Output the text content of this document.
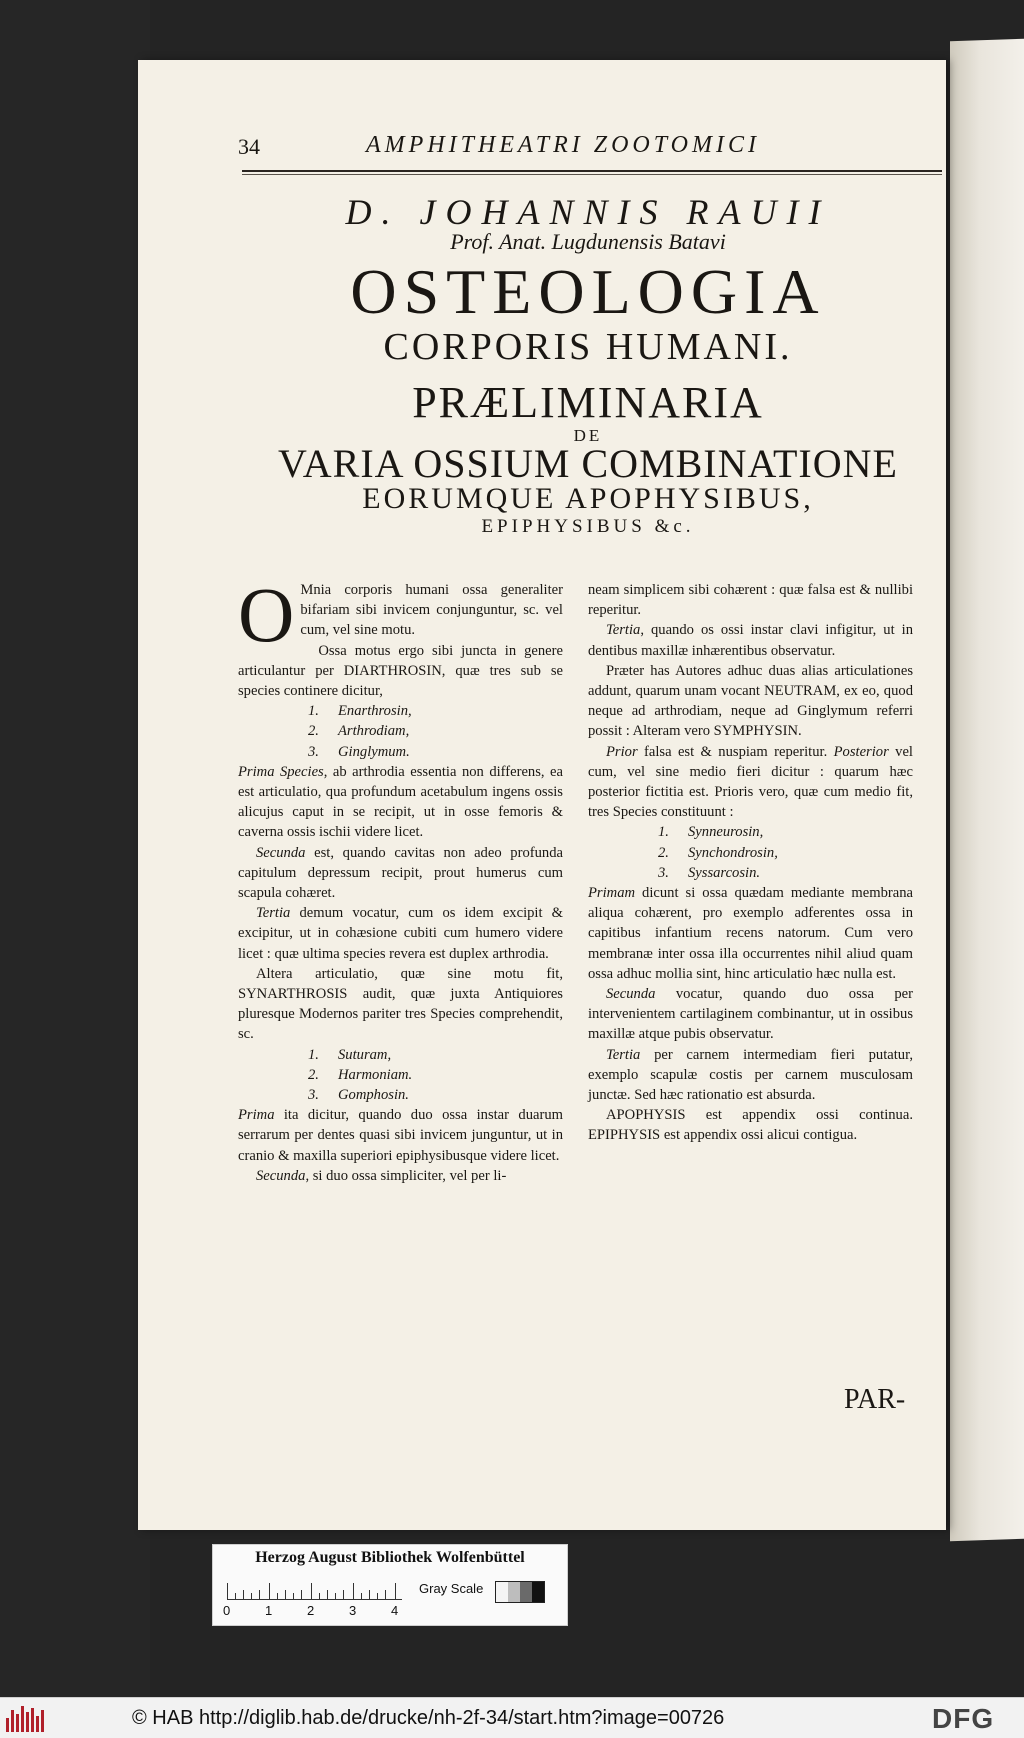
34	AMPHITHEATRI ZOOTOMICI
D. JOHANNIS RAUII
Prof. Anat. Lugdunensis Batavi
OSTEOLOGIA
CORPORIS HUMANI.
PRÆLIMINARIA
DE
VARIA OSSIUM COMBINATIONE
EORUMQUE APOPHYSIBUS,
EPIPHYSIBUS &c.

O Mnia corporis humani ossa generaliter bifariam sibi invicem conjunguntur, sc. vel cum, vel sine motu.

Ossa motus ergo sibi juncta in genere articulantur per DIARTHROSIN, quæ tres sub se species continere dicitur,

1. Enarthrosin,
2. Arthrodiam,
3. Ginglymum.

Prima Species, ab arthrodia essentia non differens, ea est articulatio, qua profundum acetabulum ingens ossis alicujus caput in se recipit, ut in osse femoris & caverna ossis ischii videre licet.

Secunda est, quando cavitas non adeo profunda capitulum depressum recipit, prout humerus cum scapula cohæret.

Tertia demum vocatur, cum os idem excipit & excipitur, ut in cohæsione cubiti cum humero videre licet : quæ ultima species revera est duplex arthrodia.

Altera articulatio, quæ sine motu fit, SYNARTHROSIS audit, quæ juxta Antiquiores pluresque Modernos pariter tres Species comprehendit, sc.

1. Suturam,
2. Harmoniam.
3. Gomphosin.

Prima ita dicitur, quando duo ossa instar duarum serrarum per dentes quasi sibi invicem junguntur, ut in cranio & maxilla superiori epiphysibusque videre licet.

Secunda, si duo ossa simpliciter, vel per li-

neam simplicem sibi cohærent : quæ falsa est & nullibi reperitur.

Tertia, quando os ossi instar clavi infigitur, ut in dentibus maxillæ inhærentibus observatur.

Præter has Autores adhuc duas alias articulationes addunt, quarum unam vocant NEUTRAM, ex eo, quod neque ad arthrodiam, neque ad Ginglymum referri possit : Alteram vero SYMPHYSIN.

Prior falsa est & nuspiam reperitur. Posterior vel cum, vel sine medio fieri dicitur : quarum hæc posterior fictitia est. Prioris vero, quæ cum medio fit, tres Species constituunt :

1. Synneurosin,
2. Synchondrosin,
3. Syssarcosin.

Primam dicunt si ossa quædam mediante membrana aliqua cohærent, pro exemplo adferentes ossa in capitibus infantium recens natorum. Cum vero membranæ inter ossa illa occurrentes nihil aliud quam ossa adhuc mollia sint, hinc articulatio hæc nulla est.

Secunda vocatur, quando duo ossa per intervenientem cartilaginem combinantur, ut in ossibus maxillæ atque pubis observatur.

Tertia per carnem intermediam fieri putatur, exemplo scapulæ costis per carnem musculosam junctæ. Sed hæc rationatio est absurda.

APOPHYSIS est appendix ossi continua. EPIPHYSIS est appendix ossi alicui contigua.

PAR-
Herzog August Bibliothek Wolfenbüttel
0	1	2	3	4
Gray Scale
© HAB http://diglib.hab.de/drucke/nh-2f-34/start.htm?image=00726	DFG
